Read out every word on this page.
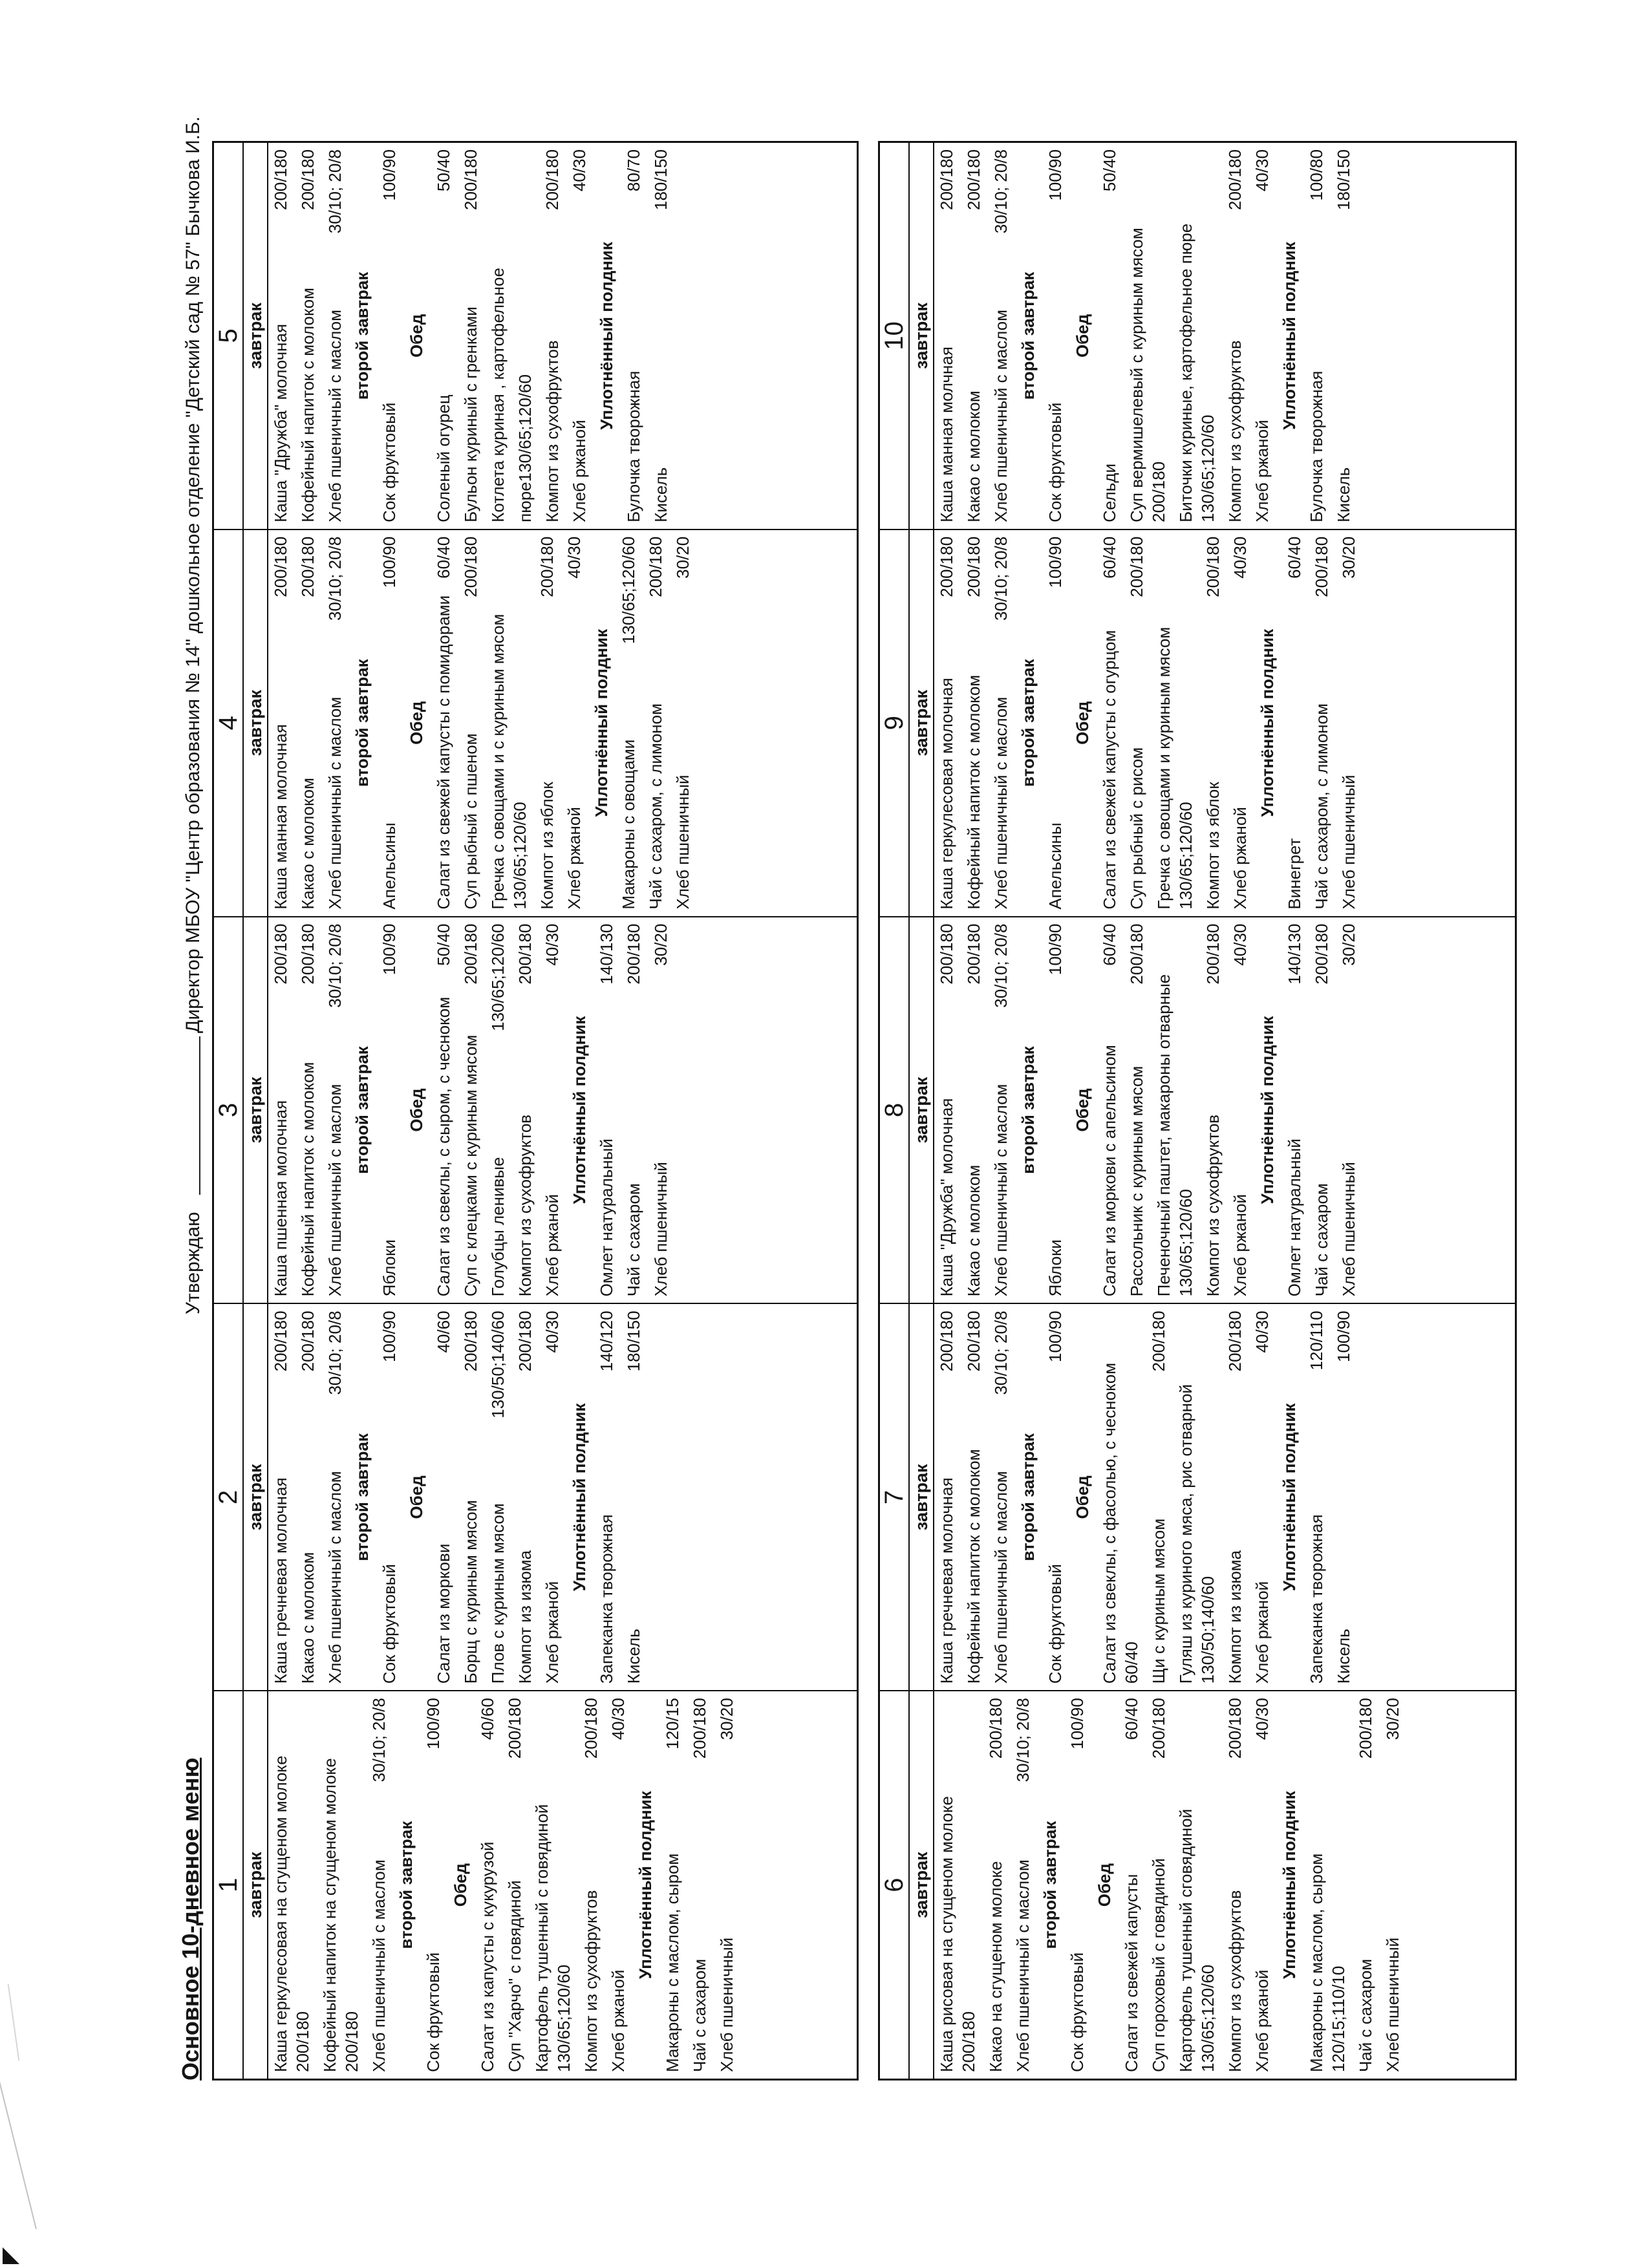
Основное 10-дневное меню
Утверждаю
Директор МБОУ "Центр образования № 14" дошкольное отделение "Детский сад № 57" Бычкова И.Б.
1 завтрак Каша геркулесовая на сгущеном молоке 200/180 Кофейный напиток на сгущеном молоке 200/180 Хлеб пшеничный с маслом
30/10; 20/8
второй завтрак
Сок фруктовый
100/90
Обед Салат из капусты с кукурузой
40/60
Суп "Харчо" с говядиной
200/180
Картофель тушенный с говядиной 130/65;120/60 Компот из сухофруктов
200/180
Хлеб ржаной
40/30
Уплотнённый полдник Макароны с маслом, сыром
120/15
Чай с сахаром
200/180
Хлеб пшеничный
30/20
2 завтрак Каша гречневая молочная
200/180
Какао с молоком
200/180
Хлеб пшеничный с маслом
30/10; 20/8
второй завтрак
Сок фруктовый
100/90
Обед
Салат из моркови
40/60
Борщ с куриным мясом
200/180
Плов с куриным мясом
130/50;140/60
Компот из изюма
200/180
Хлеб ржаной
40/30
Уплотнённый полдник
Запеканка творожная
140/120
Кисель
180/150
3 завтрак Каша пшенная молочная
200/180
Кофейный напиток с молоком
200/180
Хлеб пшеничный с маслом
30/10; 20/8
второй завтрак
Яблоки
100/90
Обед Салат из свеклы, с сыром, с чесноком
50/40
Суп с клецками с куриным мясом
200/180
Голубцы ленивые
130/65;120/60
Компот из сухофруктов
200/180
Хлеб ржаной
40/30
Уплотнённый полдник
Омлет натуральный
140/130
Чай с сахаром
200/180
Хлеб пшеничный
30/20
4 завтрак
Каша манная молочная
200/180
Какао с молоком
200/180
Хлеб пшеничный с маслом
30/10; 20/8
второй завтрак
Апельсины
100/90
Обед Салат из свежей капусты с помидорами
60/40
Суп рыбный с пшеном
200/180
Гречка с овощами и с куриным мясом 130/65;120/60 Компот из яблок
200/180
Хлеб ржаной
40/30
Уплотнённый полдник
Макароны с овощами
130/65;120/60
Чай с сахаром, с лимоном
200/180
Хлеб пшеничный
30/20
5 завтрак Каша "Дружба" молочная
200/180
Кофейный напиток с молоком
200/180
Хлеб пшеничный с маслом
30/10; 20/8
второй завтрак
Сок фруктовый
100/90
Обед
Соленый огурец
50/40
Бульон куриный с гренками
200/180
Котлета куриная , картофельное пюре130/65;120/60 Компот из сухофруктов
200/180
Хлеб ржаной
40/30
Уплотнённый полдник
Булочка творожная
80/70
Кисель
180/150
6 завтрак Каша рисовая на сгущеном молоке 200/180 Какао на сгущеном молоке
200/180
Хлеб пшеничный с маслом
30/10; 20/8
второй завтрак
Сок фруктовый
100/90
Обед Салат из свежей капусты
60/40
Суп гороховый с говядиной
200/180
Картофель тушенный сговядиной 130/65;120/60 Компот из сухофруктов
200/180
Хлеб ржаной
40/30
Уплотнённый полдник Макароны с маслом, сыром 120/15;110/10 Чай с сахаром
200/180
Хлеб пшеничный
30/20
7 завтрак Каша гречневая молочная
200/180
Кофейный напиток с молоком
200/180
Хлеб пшеничный с маслом
30/10; 20/8
второй завтрак
Сок фруктовый
100/90
Обед Салат из свеклы, с фасолью, с чесноком 60/40 Щи с куриным мясом
200/180
Гуляш из куриного мяса, рис отварной 130/50;140/60 Компот из изюма
200/180
Хлеб ржаной
40/30
Уплотнённый полдник
Запеканка творожная
120/110
Кисель
100/90
8 завтрак Каша "Дружба" молочная
200/180
Какао с молоком
200/180
Хлеб пшеничный с маслом
30/10; 20/8
второй завтрак
Яблоки
100/90
Обед Салат из моркови с апельсином
60/40
Рассольник с куриным мясом
200/180
Печеночный паштет, макароны отварные 130/65;120/60 Компот из сухофруктов
200/180
Хлеб ржаной
40/30
Уплотнённый полдник
Омлет натуральный
140/130
Чай с сахаром
200/180
Хлеб пшеничный
30/20
9 завтрак Каша геркулесовая молочная
200/180
Кофейный напиток с молоком
200/180
Хлеб пшеничный с маслом
30/10; 20/8
второй завтрак
Апельсины
100/90
Обед Салат из свежей капусты с огурцом
60/40
Суп рыбный с рисом
200/180
Гречка с овощами и куриным мясом 130/65;120/60 Компот из яблок
200/180
Хлеб ржаной
40/30
Уплотнённый полдник
Винегрет
60/40
Чай с сахаром, с лимоном
200/180
Хлеб пшеничный
30/20
10 завтрак
Каша манная молчная
200/180
Какао с молоком
200/180
Хлеб пшеничный с маслом
30/10; 20/8
второй завтрак
Сок фруктовый
100/90
Обед
Сельди
50/40
Суп вермишелевый с куриным мясом 200/180 Биточки куриные, картофельное пюре 130/65;120/60 Компот из сухофруктов
200/180
Хлеб ржаной
40/30
Уплотнённый полдник
Булочка творожная
100/80
Кисель
180/150
